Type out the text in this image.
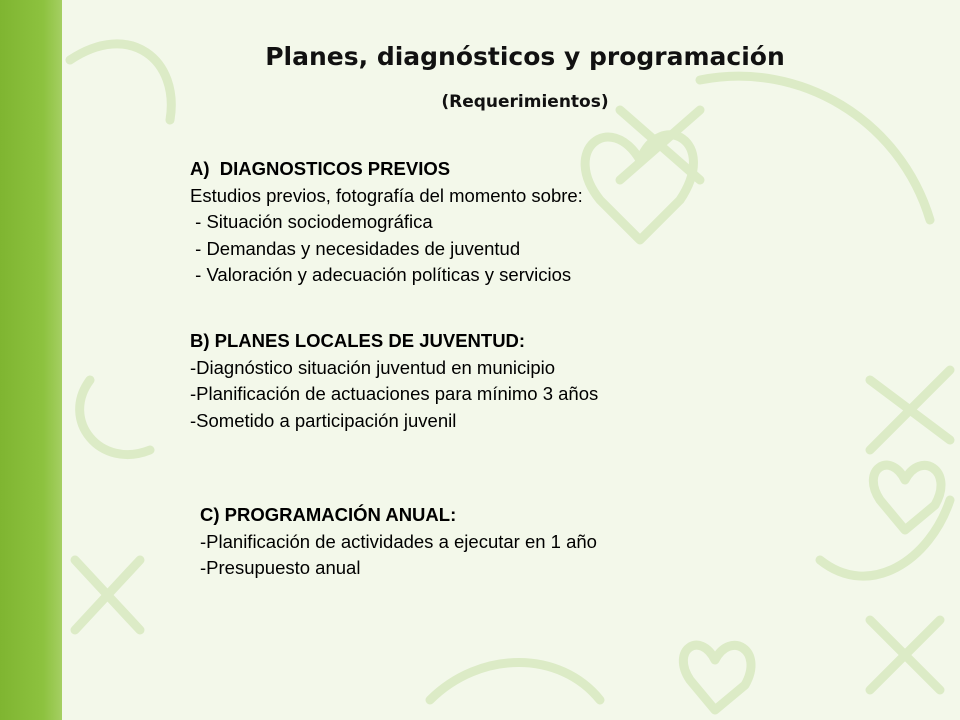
Planes, diagnósticos y programación
(Requerimientos)
A)  DIAGNOSTICOS PREVIOS
Estudios previos, fotografía del momento sobre:
- Situación sociodemográfica
- Demandas y necesidades de juventud
- Valoración y adecuación políticas y servicios
B) PLANES LOCALES DE JUVENTUD:
-Diagnóstico situación juventud en municipio
-Planificación de actuaciones para mínimo 3 años
-Sometido a participación juvenil
C) PROGRAMACIÓN ANUAL:
-Planificación de actividades a ejecutar en 1 año
-Presupuesto anual
